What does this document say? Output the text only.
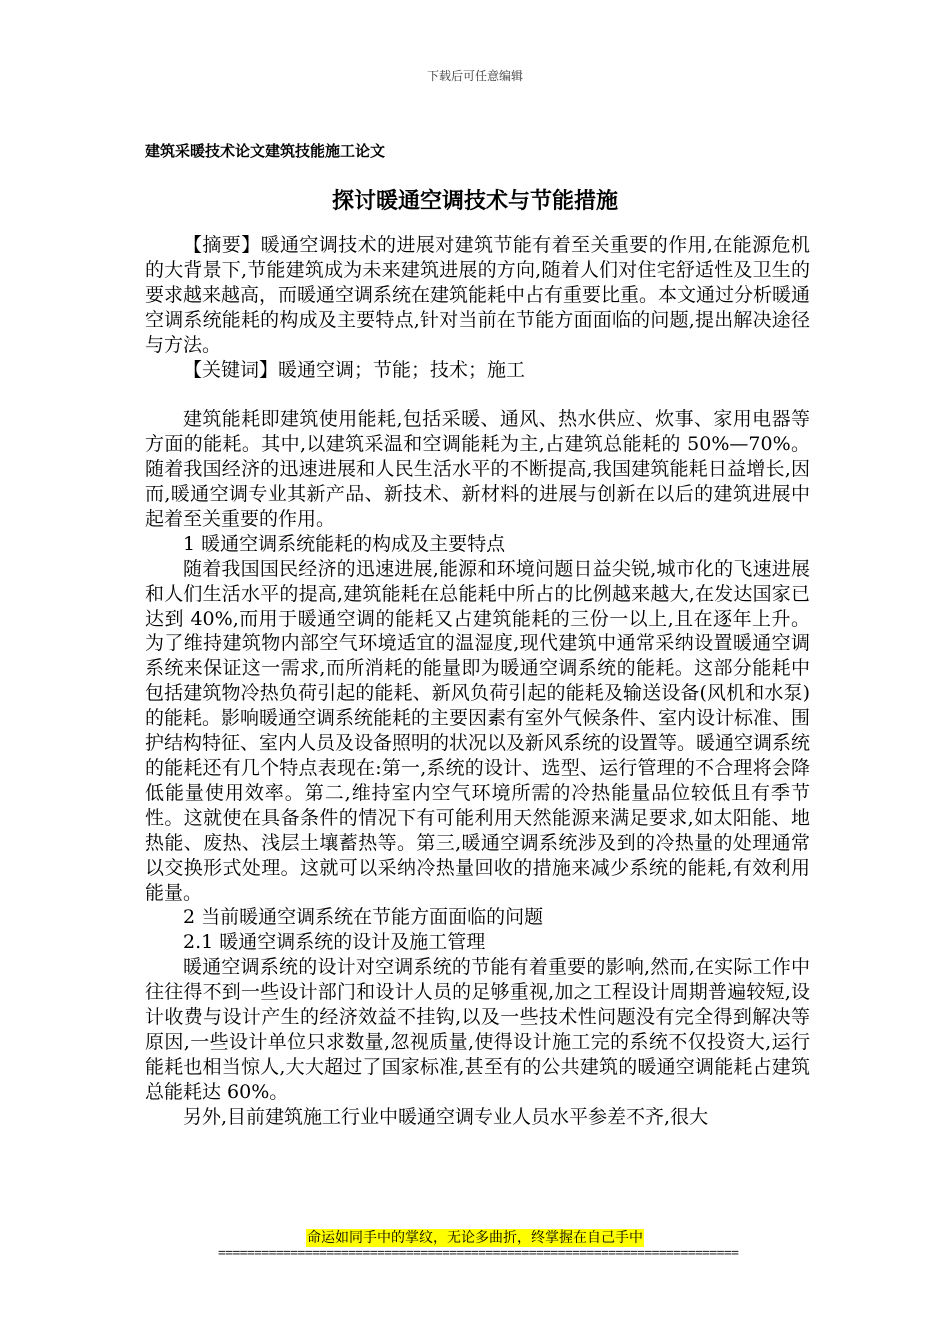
下载后可任意编辑
建筑采暖技术论文建筑技能施工论文
探讨暖通空调技术与节能措施

【摘要】暖通空调技术的进展对建筑节能有着至关重要的作用,在能源危机的大背景下,节能建筑成为未来建筑进展的方向,随着人们对住宅舒适性及卫生的要求越来越高，而暖通空调系统在建筑能耗中占有重要比重。本文通过分析暖通空调系统能耗的构成及主要特点,针对当前在节能方面面临的问题,提出解决途径与方法。

【关键词】暖通空调；节能；技术；施工

建筑能耗即建筑使用能耗,包括采暖、通风、热水供应、炊事、家用电器等方面的能耗。其中,以建筑采温和空调能耗为主,占建筑总能耗的 50%—70%。随着我国经济的迅速进展和人民生活水平的不断提高,我国建筑能耗日益增长,因而,暖通空调专业其新产品、新技术、新材料的进展与创新在以后的建筑进展中起着至关重要的作用。

1 暖通空调系统能耗的构成及主要特点

随着我国国民经济的迅速进展,能源和环境问题日益尖锐,城市化的飞速进展和人们生活水平的提高,建筑能耗在总能耗中所占的比例越来越大,在发达国家已达到 40%,而用于暖通空调的能耗又占建筑能耗的三份一以上,且在逐年上升。为了维持建筑物内部空气环境适宜的温湿度,现代建筑中通常采纳设置暖通空调系统来保证这一需求,而所消耗的能量即为暖通空调系统的能耗。这部分能耗中包括建筑物冷热负荷引起的能耗、新风负荷引起的能耗及输送设备(风机和水泵)的能耗。影响暖通空调系统能耗的主要因素有室外气候条件、室内设计标准、围护结构特征、室内人员及设备照明的状况以及新风系统的设置等。暖通空调系统的能耗还有几个特点表现在:第一,系统的设计、选型、运行管理的不合理将会降低能量使用效率。第二,维持室内空气环境所需的冷热能量品位较低且有季节性。这就使在具备条件的情况下有可能利用天然能源来满足要求,如太阳能、地热能、废热、浅层土壤蓄热等。第三,暖通空调系统涉及到的冷热量的处理通常以交换形式处理。这就可以采纳冷热量回收的措施来减少系统的能耗,有效利用能量。

2 当前暖通空调系统在节能方面面临的问题

2.1 暖通空调系统的设计及施工管理

暖通空调系统的设计对空调系统的节能有着重要的影响,然而,在实际工作中往往得不到一些设计部门和设计人员的足够重视,加之工程设计周期普遍较短,设计收费与设计产生的经济效益不挂钩,以及一些技术性问题没有完全得到解决等原因,一些设计单位只求数量,忽视质量,使得设计施工完的系统不仅投资大,运行能耗也相当惊人,大大超过了国家标准,甚至有的公共建筑的暖通空调能耗占建筑总能耗达 60%。

另外,目前建筑施工行业中暖通空调专业人员水平参差不齐,很大

命运如同手中的掌纹，无论多曲折，终掌握在自己手中
========================================================================
